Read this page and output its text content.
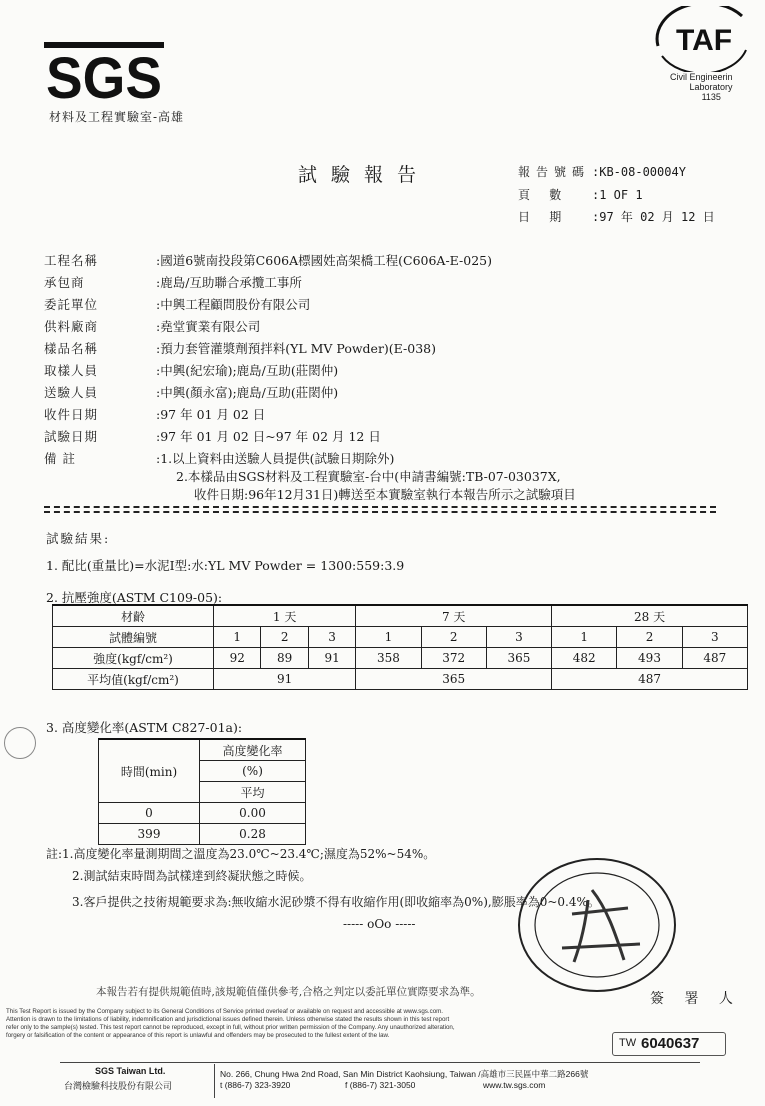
SGS
材料及工程實驗室-高雄
TAF
Civil Engineerin
Laboratory
1135
試驗報告	報告號碼 :KB-08-00004Y
頁 數 :1 OF 1
日 期 :97 年 02 月 12 日
工程名稱	:國道6號南投段第C606A標國姓高架橋工程(C606A-E-025)
承包商	:鹿島/互助聯合承攬工事所
委託單位	:中興工程顧問股份有限公司
供料廠商	:堯堂實業有限公司
樣品名稱	:預力套管灌漿劑預拌料(YL MV Powder)(E-038)
取樣人員	:中興(紀宏瑜);鹿島/互助(莊閎仲)
送驗人員	:中興(顏永富);鹿島/互助(莊閎仲)
收件日期	:97 年 01 月 02 日
試驗日期	:97 年 01 月 02 日~97 年 02 月 12 日
備 註	:1.以上資料由送驗人員提供(試驗日期除外)
2.本樣品由SGS材料及工程實驗室-台中(申請書編號:TB-07-03037X,
收件日期:96年12月31日)轉送至本實驗室執行本報告所示之試驗項目
試驗結果:
1. 配比(重量比)=水泥I型:水:YL MV Powder = 1300:559:3.9
2. 抗壓強度(ASTM C109-05):
材齡	1 天			7 天			28 天		
試體編號	1	2	3	1	2	3	1	2	3
強度(kgf/cm²)	92	89	91	358	372	365	482	493	487
平均值(kgf/cm²)	91			365			487		
3. 高度變化率(ASTM C827-01a):
時間(min)	高度變化率
	(%)
	平均
0	0.00
399	0.28
註:1.高度變化率量測期間之溫度為23.0℃~23.4℃;濕度為52%~54%。
2.測試結束時間為試樣達到終凝狀態之時候。
3.客戶提供之技術規範要求為:無收縮水泥砂漿不得有收縮作用(即收縮率為0%),膨脹率為0~0.4%。
----- oOo -----
簽 署 人
本報告若有提供規範值時,該規範值僅供參考,合格之判定以委託單位實際要求為準。
This Test Report is issued by the Company subject to its General Conditions of Service printed overleaf or available on request and accessible at www.sgs.com.
Attention is drawn to the limitations of liability, indemnification and jurisdictional issues defined therein. Unless otherwise stated the results shown in this test report
refer only to the sample(s) tested. This test report cannot be reproduced, except in full, without prior written permission of the Company. Any unauthorized alteration,
forgery or falsification of the content or appearance of this report is unlawful and offenders may be prosecuted to the fullest extent of the law.
TW 6040637
SGS Taiwan Ltd.
台灣檢驗科技股份有限公司
No. 266, Chung Hwa 2nd Road, San Min District Kaohsiung, Taiwan /高雄市三民區中華二路266號
t (886-7) 323-3920	f (886-7) 321-3050	www.tw.sgs.com
